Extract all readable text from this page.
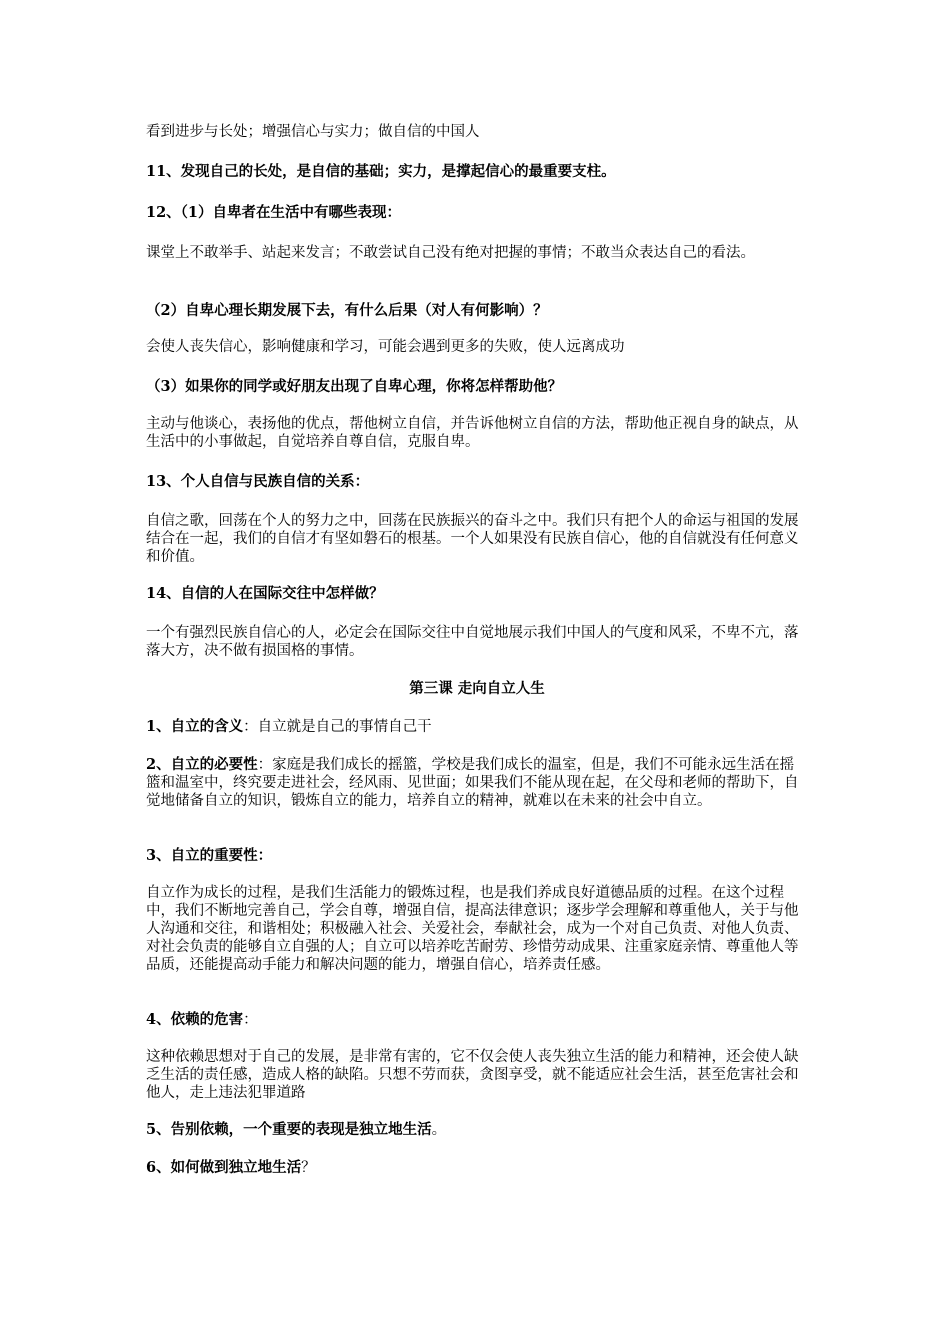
看到进步与长处；增强信心与实力；做自信的中国人

11、发现自己的长处，是自信的基础；实力，是撑起信心的最重要支柱。

12、（1）自卑者在生活中有哪些表现：

课堂上不敢举手、站起来发言；不敢尝试自己没有绝对把握的事情；不敢当众表达自己的看法。

（2）自卑心理长期发展下去，有什么后果（对人有何影响）？

会使人丧失信心，影响健康和学习，可能会遇到更多的失败，使人远离成功

（3）如果你的同学或好朋友出现了自卑心理，你将怎样帮助他？

主动与他谈心，表扬他的优点，帮他树立自信，并告诉他树立自信的方法，帮助他正视自身的缺点，从生活中的小事做起，自觉培养自尊自信，克服自卑。

13、个人自信与民族自信的关系：

自信之歌，回荡在个人的努力之中，回荡在民族振兴的奋斗之中。我们只有把个人的命运与祖国的发展结合在一起，我们的自信才有坚如磐石的根基。一个人如果没有民族自信心，他的自信就没有任何意义和价值。

14、自信的人在国际交往中怎样做？

一个有强烈民族自信心的人，必定会在国际交往中自觉地展示我们中国人的气度和风采，不卑不亢，落落大方，决不做有损国格的事情。

第三课 走向自立人生

1、自立的含义：自立就是自己的事情自己干

2、自立的必要性：家庭是我们成长的摇篮，学校是我们成长的温室，但是，我们不可能永远生活在摇篮和温室中，终究要走进社会，经风雨、见世面；如果我们不能从现在起，在父母和老师的帮助下，自觉地储备自立的知识，锻炼自立的能力，培养自立的精神，就难以在未来的社会中自立。

3、自立的重要性：

自立作为成长的过程，是我们生活能力的锻炼过程，也是我们养成良好道德品质的过程。在这个过程中，我们不断地完善自己，学会自尊，增强自信，提高法律意识；逐步学会理解和尊重他人，关于与他人沟通和交往，和谐相处；积极融入社会、关爱社会，奉献社会，成为一个对自己负责、对他人负责、对社会负责的能够自立自强的人；自立可以培养吃苦耐劳、珍惜劳动成果、注重家庭亲情、尊重他人等品质，还能提高动手能力和解决问题的能力，增强自信心，培养责任感。

4、依赖的危害：

这种依赖思想对于自己的发展，是非常有害的，它不仅会使人丧失独立生活的能力和精神，还会使人缺乏生活的责任感，造成人格的缺陷。只想不劳而获，贪图享受，就不能适应社会生活，甚至危害社会和他人，走上违法犯罪道路

5、告别依赖，一个重要的表现是独立地生活。

6、如何做到独立地生活？
